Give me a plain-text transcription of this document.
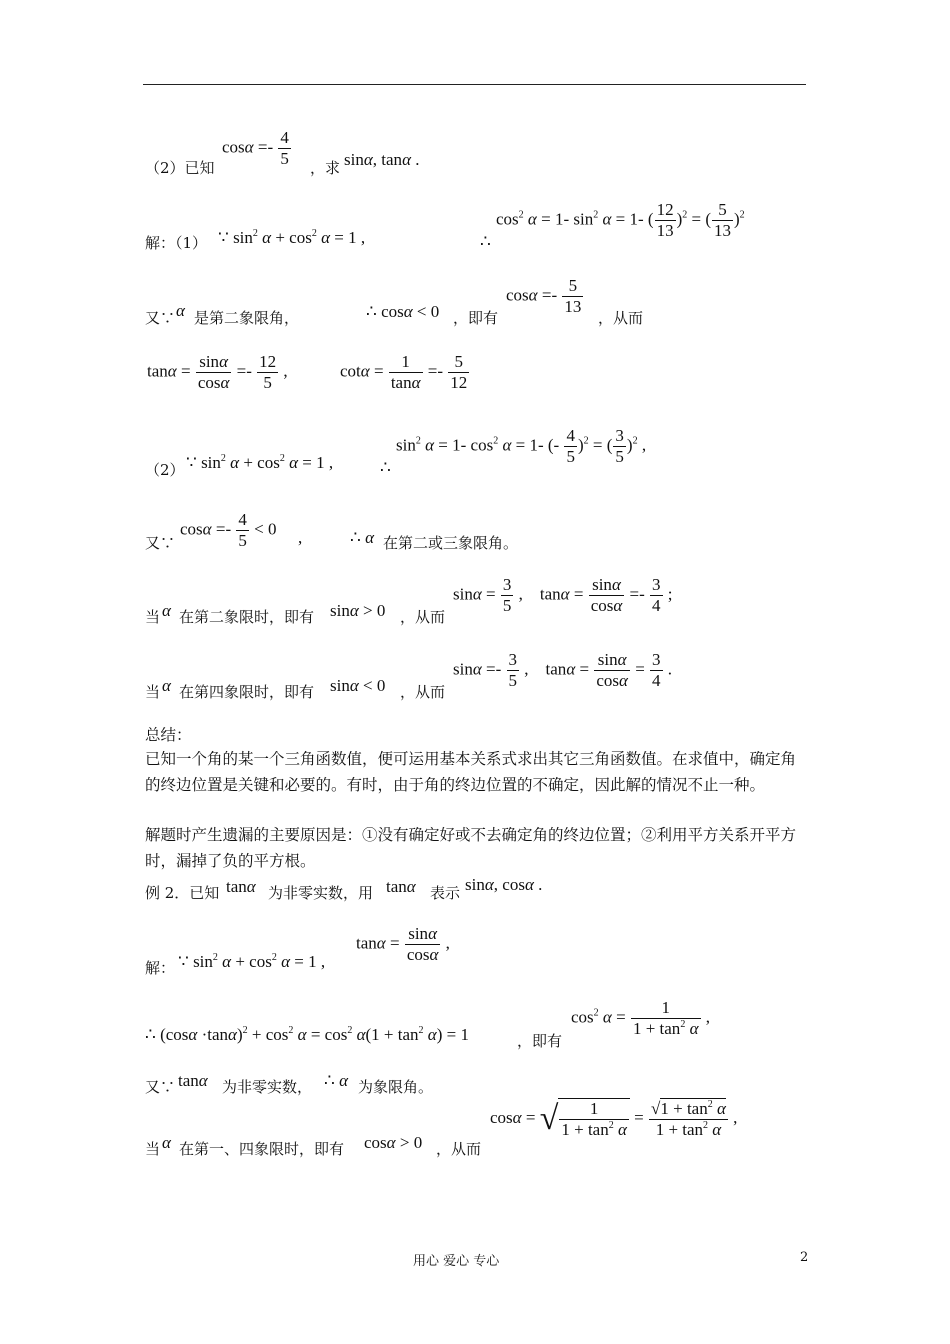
（2）已知
$\cos\alpha =- \frac{4}{5}$ ，求 sinα, tanα .
解：（1） ∵ $\sin^2 \alpha + \cos^2 \alpha = 1$ ,	∴
$\cos^2 \alpha = 1-$ $\sin^2 \alpha = 1-$ ( $\frac{12}{13} )^2$ = ( $\frac{5}{13} )^2$
又∵ α 是第二象限角，	∴ cosα < 0 ，即有
$\cos\alpha =- \frac{5}{13}$
，从而
$\tan\alpha = \frac{\sin\alpha}{\cos\alpha} =- \frac{12}{5}$ ,	$\cot\alpha = \frac{1}{\tan\alpha} =- \frac{5}{12}$
（2） ∵ $\sin^2 \alpha + \cos^2 \alpha = 1$ ,	∴
$\sin^2 \alpha = 1-$ $\cos^2 \alpha = 1-$ (- $\frac{4}{5} )^2$ = ( $\frac{3}{5} )^2$ ,
又∵
$\cos\alpha =- \frac{4}{5} < 0$ ,	∴ α 在第二或三象限角。
当 α 在第二象限时，即有 sinα > 0 ，从而
$\sin\alpha = \frac{3}{5}$ ,    $\tan\alpha = \frac{\sin\alpha}{\cos\alpha} =- \frac{3}{4}$ ;
当 α 在第四象限时，即有 sinα < 0 ，从而
$\sin\alpha =- \frac{3}{5}$ ,    $\tan\alpha = \frac{\sin\alpha}{\cos\alpha} = \frac{3}{4}$ .
总结：
已知一个角的某一个三角函数值，便可运用基本关系式求出其它三角函数值。在求值中，确定角的终边位置是关键和必要的。有时，由于角的终边位置的不确定，因此解的情况不止一种。
解题时产生遗漏的主要原因是：①没有确定好或不去确定角的终边位置；②利用平方关系开平方时，漏掉了负的平方根。
例 2．已知 tanα 为非零实数，用 tanα 表示 sinα, cosα .
解： ∵ $\sin^2 \alpha + \cos^2 \alpha = 1$ ,
$\tan\alpha = \frac{\sin\alpha}{\cos\alpha}$ ,
∴ $(\cos\alpha \cdot\tan\alpha)^2 + \cos^2 \alpha = \cos^2 \alpha(1 + \tan^2 \alpha) = 1$	，即有
$\cos^2 \alpha = \frac{1}{1 + \tan^2 \alpha}$ ,
又∵ tanα 为非零实数， ∴ α 为象限角。
当 α 在第一、四象限时，即有 cosα > 0 ，从而
cosα = √ $\frac{1}{1 + \tan^2 \alpha} = \frac{√1 + \tan^2 \alpha}{1 + \tan^2 \alpha}$ ,
用心 爱心 专心	2
